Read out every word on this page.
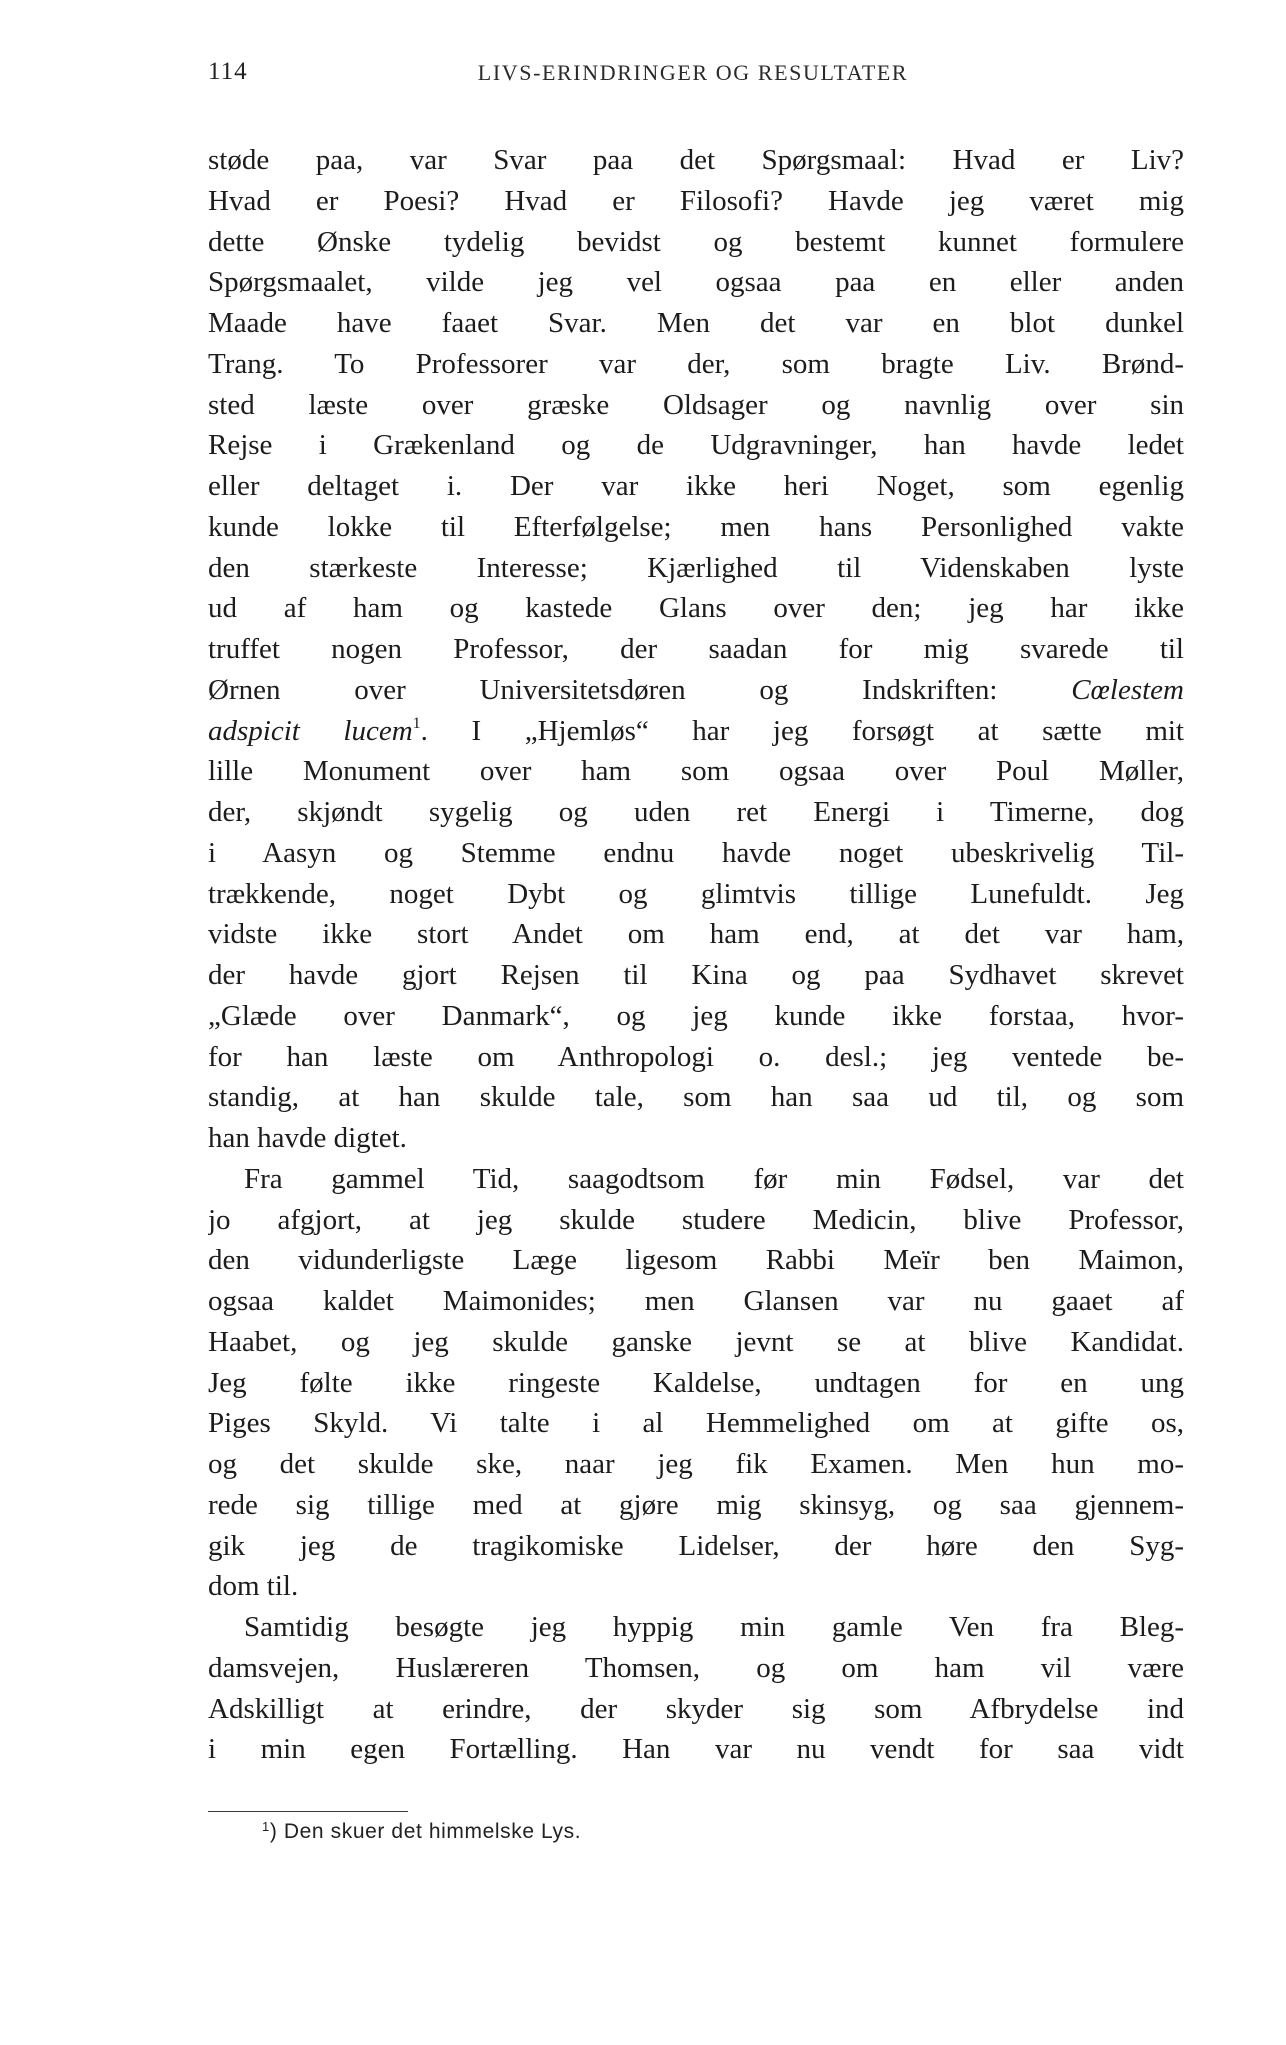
114	LIVS-ERINDRINGER OG RESULTATER
støde paa, var Svar paa det Spørgsmaal: Hvad er Liv?
Hvad er Poesi? Hvad er Filosofi? Havde jeg været mig
dette Ønske tydelig bevidst og bestemt kunnet formulere
Spørgsmaalet, vilde jeg vel ogsaa paa en eller anden
Maade have faaet Svar. Men det var en blot dunkel
Trang. To Professorer var der, som bragte Liv. Brønd-
sted læste over græske Oldsager og navnlig over sin
Rejse i Grækenland og de Udgravninger, han havde ledet
eller deltaget i. Der var ikke heri Noget, som egenlig
kunde lokke til Efterfølgelse; men hans Personlighed vakte
den stærkeste Interesse; Kjærlighed til Videnskaben lyste
ud af ham og kastede Glans over den; jeg har ikke
truffet nogen Professor, der saadan for mig svarede til
Ørnen over Universitetsdøren og Indskriften: Cœlestem
adspicit lucem$^1$. I „Hjemløs“ har jeg forsøgt at sætte mit
lille Monument over ham som ogsaa over Poul Møller,
der, skjøndt sygelig og uden ret Energi i Timerne, dog
i Aasyn og Stemme endnu havde noget ubeskrivelig Til-
trækkende, noget Dybt og glimtvis tillige Lunefuldt. Jeg
vidste ikke stort Andet om ham end, at det var ham,
der havde gjort Rejsen til Kina og paa Sydhavet skrevet
„Glæde over Danmark“, og jeg kunde ikke forstaa, hvor-
for han læste om Anthropologi o. desl.; jeg ventede be-
standig, at han skulde tale, som han saa ud til, og som
han havde digtet.
Fra gammel Tid, saagodtsom før min Fødsel, var det
jo afgjort, at jeg skulde studere Medicin, blive Professor,
den vidunderligste Læge ligesom Rabbi Meïr ben Maimon,
ogsaa kaldet Maimonides; men Glansen var nu gaaet af
Haabet, og jeg skulde ganske jevnt se at blive Kandidat.
Jeg følte ikke ringeste Kaldelse, undtagen for en ung
Piges Skyld. Vi talte i al Hemmelighed om at gifte os,
og det skulde ske, naar jeg fik Examen. Men hun mo-
rede sig tillige med at gjøre mig skinsyg, og saa gjennem-
gik jeg de tragikomiske Lidelser, der høre den Syg-
dom til.
Samtidig besøgte jeg hyppig min gamle Ven fra Bleg-
damsvejen, Huslæreren Thomsen, og om ham vil være
Adskilligt at erindre, der skyder sig som Afbrydelse ind
i min egen Fortælling. Han var nu vendt for saa vidt
$^1$) Den skuer det himmelske Lys.
